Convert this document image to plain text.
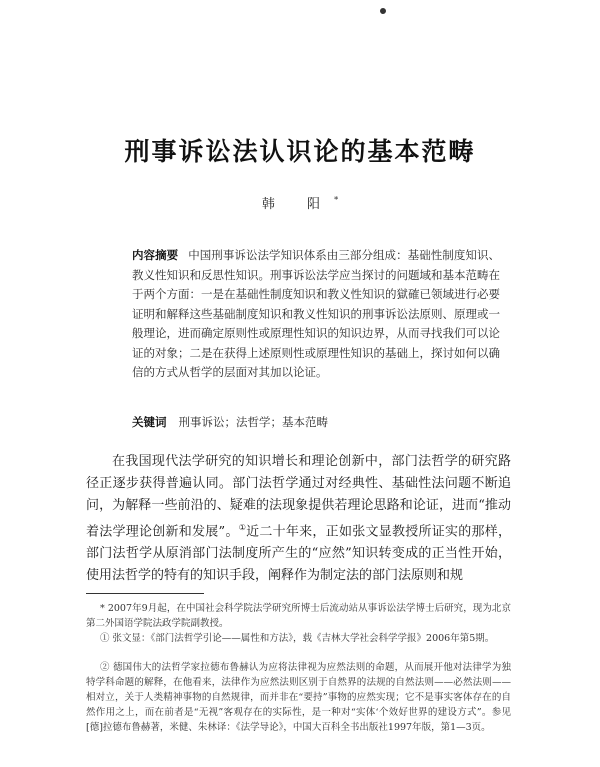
刑事诉讼法认识论的基本范畴
韩 阳*
内容摘要 中国刑事诉讼法学知识体系由三部分组成：基础性制度知识、教义性知识和反思性知识。刑事诉讼法学应当探讨的问题域和基本范畴在于两个方面：一是在基础性制度知识和教义性知识的獄確已领域进行必要证明和解释这些基础制度知识和教义性知识的刑事诉讼法原则、原理或一般理论，进而确定原则性或原理性知识的知识边界，从而寻找我们可以论证的对象；二是在获得上述原则性或原理性知识的基础上，探讨如何以确信的方式从哲学的层面对其加以论证。
关键词 刑事诉讼；法哲学；基本范畴

在我国现代法学研究的知识增长和理论创新中，部门法哲学的研究路径正逐步获得普遍认同。部门法哲学通过对经典性、基础性法问题不断追问，为解释一些前沿的、疑难的法现象提供若理论思路和论证，进而“推动着法学理论创新和发展”。①近二十年来，正如张文显教授所证实的那样，部门法哲学从原消部门法制度所产生的“应然”知识转变成的正当性开始，使用法哲学的特有的知识手段，阐释作为制定法的部门法原则和规

* 2007年9月起，在中国社会科学院法学研究所博士后流动站从事诉讼法学博士后研究，现为北京第二外国语学院法政学院副教授。

① 张文显：《部门法哲学引论——属性和方法》，载《吉林大学社会科学学报》2006年第5期。

② 德国伟大的法哲学家拉德布鲁赫认为应将法律视为应然法则的命题，从而展开他对法律学为独特学科命题的解释，在他看来，法律作为应然法则区别于自然界的法规的自然法则——必然法则——相对立，关于人类精神事物的自然规律，而并非在“要持”事物的应然实现；它不是事实客体存在的自然作用之上，而在前者是“无视”客观存在的实际性，是一种对“实体‘个效好世界的建设方式”。参见[德]拉德布鲁赫著，米健、朱林译：《法学导论》，中国大百科全书出版社1997年版，第1—3页。
